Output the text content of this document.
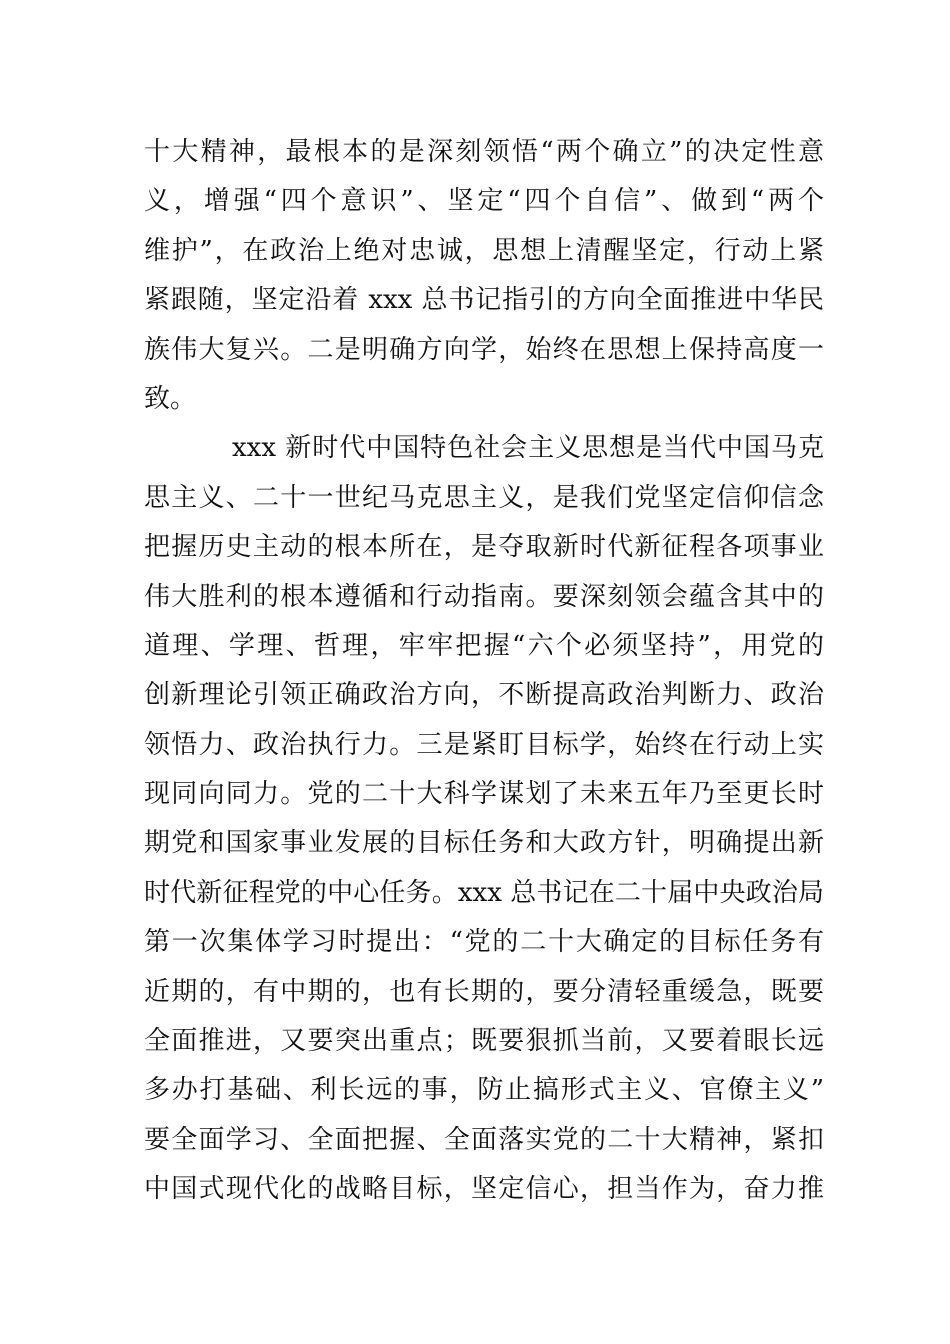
十大精神，最根本的是深刻领悟“两个确立”的决定性意
义，增强“四个意识”、坚定“四个自信”、做到“两个
维护”，在政治上绝对忠诚，思想上清醒坚定，行动上紧
紧跟随，坚定沿着 xxx 总书记指引的方向全面推进中华民
族伟大复兴。二是明确方向学，始终在思想上保持高度一
致。
xxx 新时代中国特色社会主义思想是当代中国马克
思主义、二十一世纪马克思主义，是我们党坚定信仰信念
把握历史主动的根本所在，是夺取新时代新征程各项事业
伟大胜利的根本遵循和行动指南。要深刻领会蕴含其中的
道理、学理、哲理，牢牢把握“六个必须坚持”，用党的
创新理论引领正确政治方向，不断提高政治判断力、政治
领悟力、政治执行力。三是紧盯目标学，始终在行动上实
现同向同力。党的二十大科学谋划了未来五年乃至更长时
期党和国家事业发展的目标任务和大政方针，明确提出新
时代新征程党的中心任务。xxx 总书记在二十届中央政治局
第一次集体学习时提出：“党的二十大确定的目标任务有
近期的，有中期的，也有长期的，要分清轻重缓急，既要
全面推进，又要突出重点；既要狠抓当前，又要着眼长远
多办打基础、利长远的事，防止搞形式主义、官僚主义”
要全面学习、全面把握、全面落实党的二十大精神，紧扣
中国式现代化的战略目标，坚定信心，担当作为，奋力推
